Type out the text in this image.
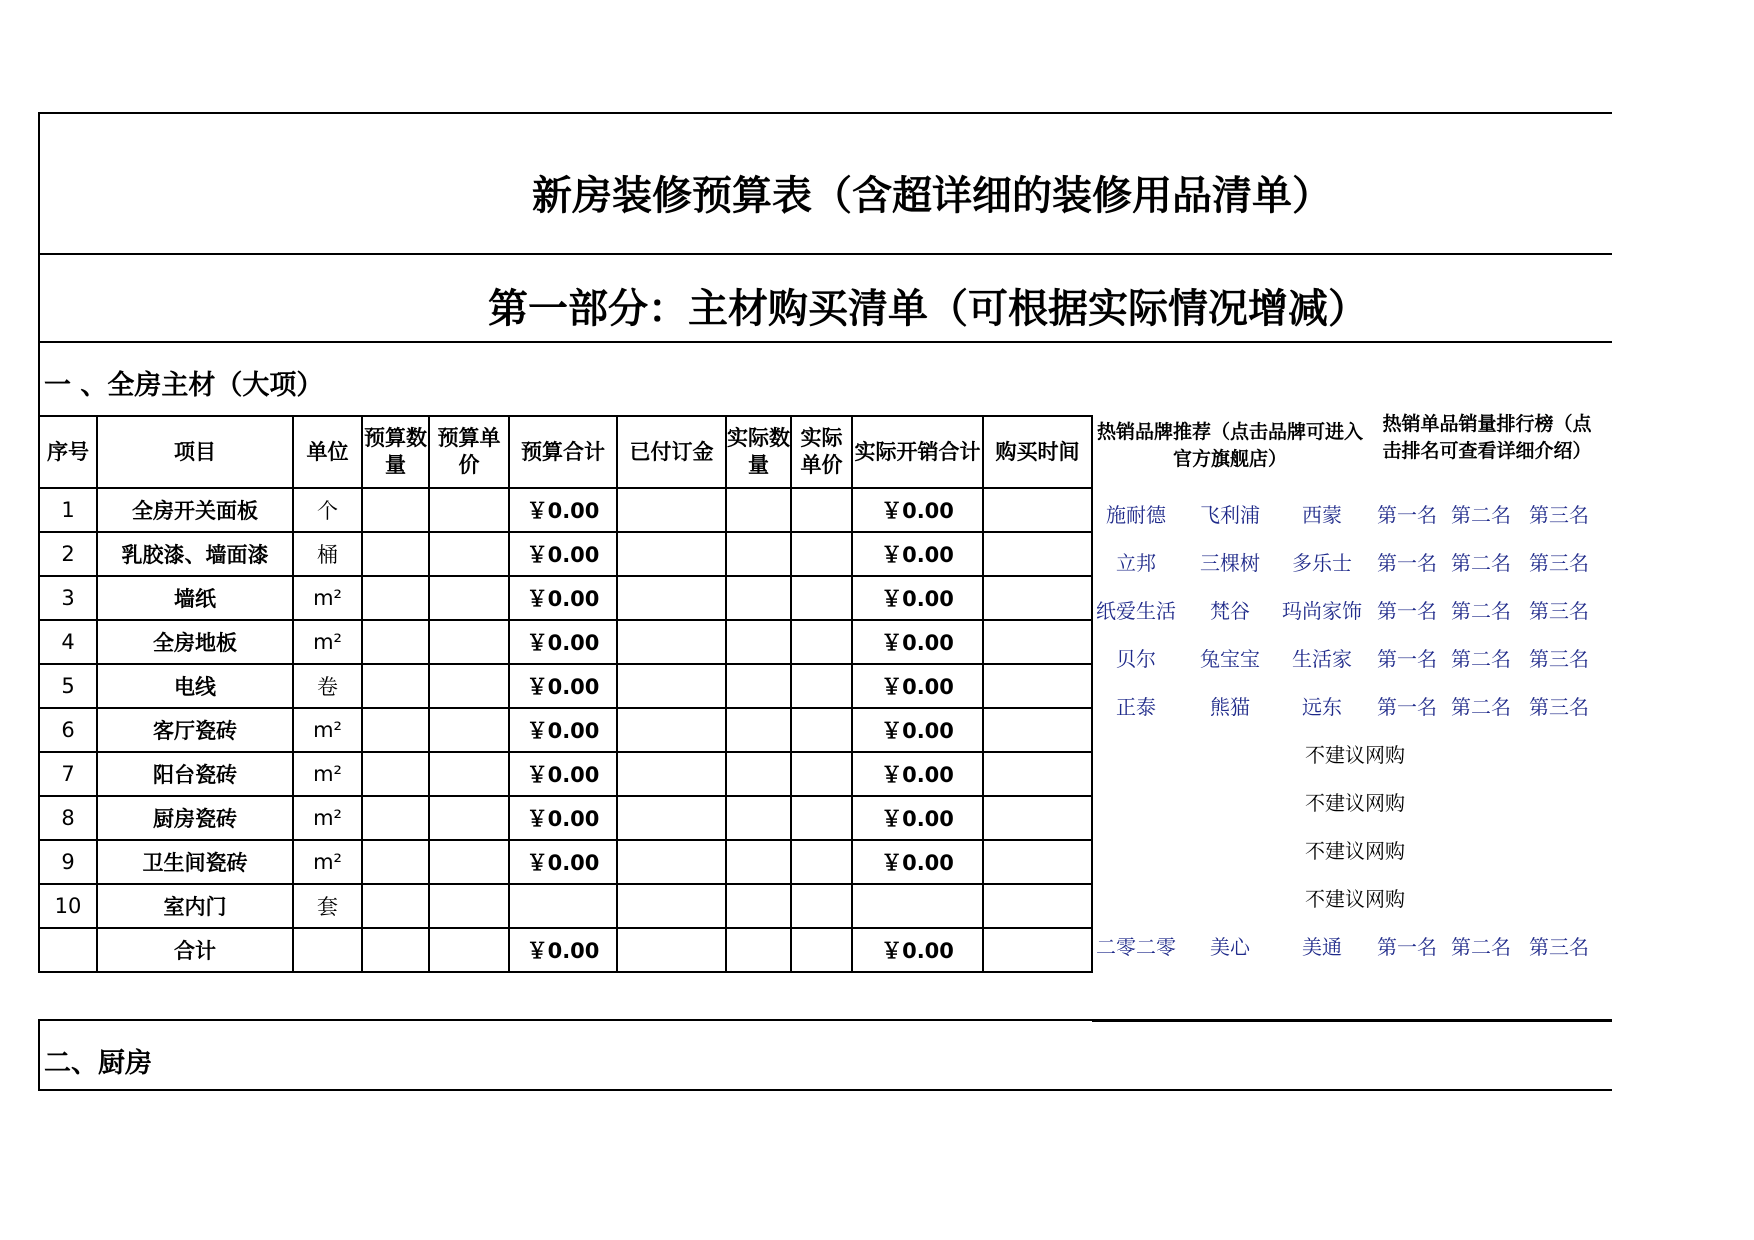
新房装修预算表（含超详细的装修用品清单）
第一部分：主材购买清单（可根据实际情况增减）
一 、全房主材（大项）
序号	项目	单位	预算数量	预算单价	预算合计	已付订金	实际数量	实际单价	实际开销合计	购买时间
1	全房开关面板	个			￥0.00				￥0.00	
2	乳胶漆、墙面漆	桶			￥0.00				￥0.00	
3	墙纸	m²			￥0.00				￥0.00	
4	全房地板	m²			￥0.00				￥0.00	
5	电线	卷			￥0.00				￥0.00	
6	客厅瓷砖	m²			￥0.00				￥0.00	
7	阳台瓷砖	m²			￥0.00				￥0.00	
8	厨房瓷砖	m²			￥0.00				￥0.00	
9	卫生间瓷砖	m²			￥0.00				￥0.00	
10	室内门	套								
	合计				￥0.00				￥0.00	
热销品牌推荐（点击品牌可进入官方旗舰店）
热销单品销量排行榜（点击排名可查看详细介绍）
施耐德	飞利浦	西蒙	第一名 第二名 第三名
立邦	三棵树	多乐士	第一名 第二名 第三名
纸爱生活	梵谷	玛尚家饰 第一名 第二名 第三名
贝尔	兔宝宝	生活家	第一名 第二名 第三名
正泰	熊猫	远东	第一名 第二名 第三名
不建议网购
不建议网购
不建议网购
不建议网购
二零二零	美心	美通	第一名 第二名 第三名
二、厨房
